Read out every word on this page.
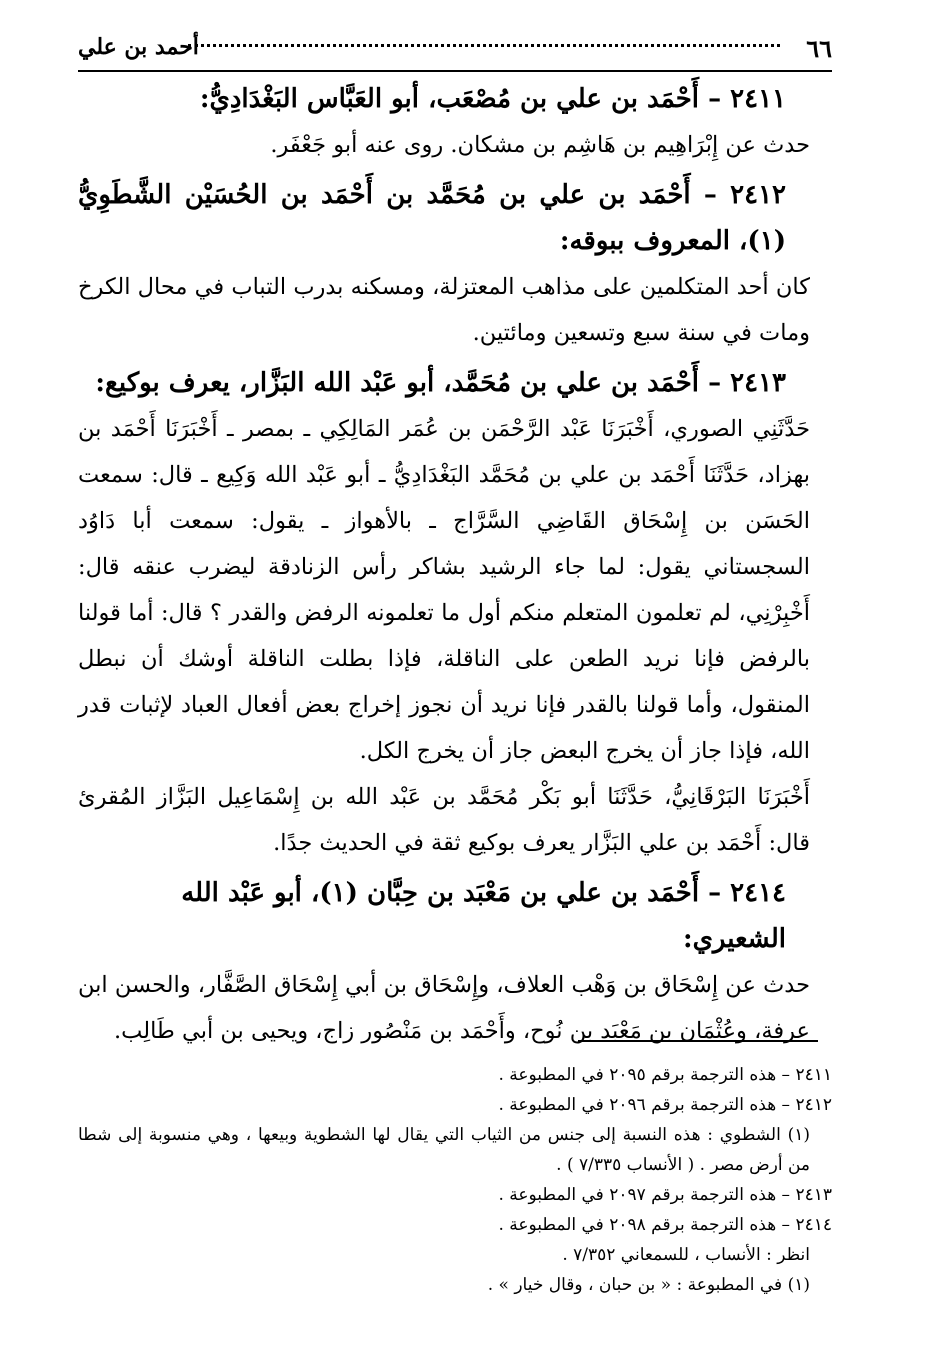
٦٦
أحمد بن علي
٢٤١١ – أَحْمَد بن علي بن مُصْعَب، أبو العَبَّاس البَغْدَادِيُّ:

حدث عن إِبْرَاهِيم بن هَاشِم بن مشكان. روى عنه أبو جَعْفَر.

٢٤١٢ – أَحْمَد بن علي بن مُحَمَّد بن أَحْمَد بن الحُسَيْن الشَّطَوِيُّ (١)، المعروف ببوقه:

كان أحد المتكلمين على مذاهب المعتزلة، ومسكنه بدرب التباب في محال الكرخ ومات في سنة سبع وتسعين ومائتين.

٢٤١٣ – أَحْمَد بن علي بن مُحَمَّد، أبو عَبْد الله البَزَّار، يعرف بوكيع:

حَدَّثَنِي الصوري، أَخْبَرَنَا عَبْد الرَّحْمَن بن عُمَر المَالِكِي ـ بمصر ـ أَخْبَرَنَا أَحْمَد بن بهزاد، حَدَّثَنَا أَحْمَد بن علي بن مُحَمَّد البَغْدَادِيُّ ـ أبو عَبْد الله وَكِيع ـ قال: سمعت الحَسَن بن إِسْحَاق القَاضِي السَّرَّاج ـ بالأهواز ـ يقول: سمعت أبا دَاوُد السجستاني يقول: لما جاء الرشيد بشاكر رأس الزنادقة ليضرب عنقه قال: أَخْبِرْنِي، لم تعلمون المتعلم منكم أول ما تعلمونه الرفض والقدر ؟ قال: أما قولنا بالرفض فإنا نريد الطعن على الناقلة، فإذا بطلت الناقلة أوشك أن نبطل المنقول، وأما قولنا بالقدر فإنا نريد أن نجوز إخراج بعض أفعال العباد لإثبات قدر الله، فإذا جاز أن يخرج البعض جاز أن يخرج الكل.

أَخْبَرَنَا البَرْقَانِيُّ، حَدَّثَنَا أبو بَكْر مُحَمَّد بن عَبْد الله بن إِسْمَاعِيل البَزَّاز المُقرئ قال: أَحْمَد بن علي البَزَّار يعرف بوكيع ثقة في الحديث جدًا.

٢٤١٤ – أَحْمَد بن علي بن مَعْبَد بن حِبَّان (١)، أبو عَبْد الله الشعيري:

حدث عن إِسْحَاق بن وَهْب العلاف، وإِسْحَاق بن أبي إِسْحَاق الصَّفَّار، والحسن ابن عرفة، وعُثْمَان بن مَعْبَد بن نُوح، وأَحْمَد بن مَنْصُور زاج، ويحيى بن أبي طَالِب.

٢٤١١ – هذه الترجمة برقم ٢٠٩٥ في المطبوعة .

٢٤١٢ – هذه الترجمة برقم ٢٠٩٦ في المطبوعة .

(١) الشطوي : هذه النسبة إلى جنس من الثياب التي يقال لها الشطوية وبيعها ، وهي منسوبة إلى شطا من أرض مصر . ( الأنساب ٧/٣٣٥ ) .

٢٤١٣ – هذه الترجمة برقم ٢٠٩٧ في المطبوعة .

٢٤١٤ – هذه الترجمة برقم ٢٠٩٨ في المطبوعة .

انظر : الأنساب ، للسمعاني ٧/٣٥٢ .

(١) في المطبوعة : « بن حبان ، وقال خيار » .
